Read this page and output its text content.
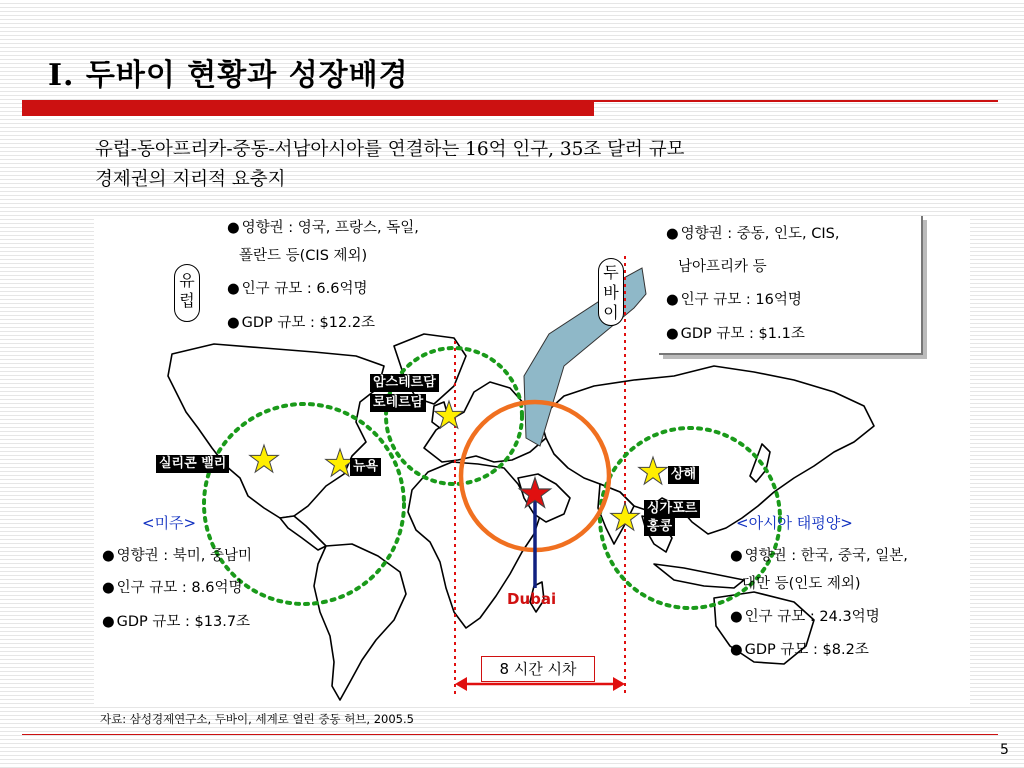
Ⅰ. 두바이 현황과 성장배경
유럽-동아프리카-중동-서남아시아를 연결하는 16억 인구, 35조 달러 규모
경제권의 지리적 요충지
● 영향권 : 영국, 프랑스, 독일,
폴란드 등(CIS 제외)
● 인구 규모 : 6.6억명
● GDP 규모 : $12.2조
유
럽
두
바
이
● 영향권 : 중동, 인도, CIS,
남아프리카 등
● 인구 규모 : 16억명
● GDP 규모 : $1.1조
암스테르담
로테르담
실리콘 밸리	뉴욕
상해
싱가포르
홍콩
<미주>
● 영향권 : 북미, 중남미
● 인구 규모 : 8.6억명
● GDP 규모 : $13.7조
<아시아 태평양>
● 영향권 : 한국, 중국, 일본,
대만 등(인도 제외)
● 인구 규모 : 24.3억명
● GDP 규모 : $8.2조
Dubai
8 시간 시차
자료: 삼성경제연구소, 두바이, 세계로 열린 중동 허브, 2005.5
5
